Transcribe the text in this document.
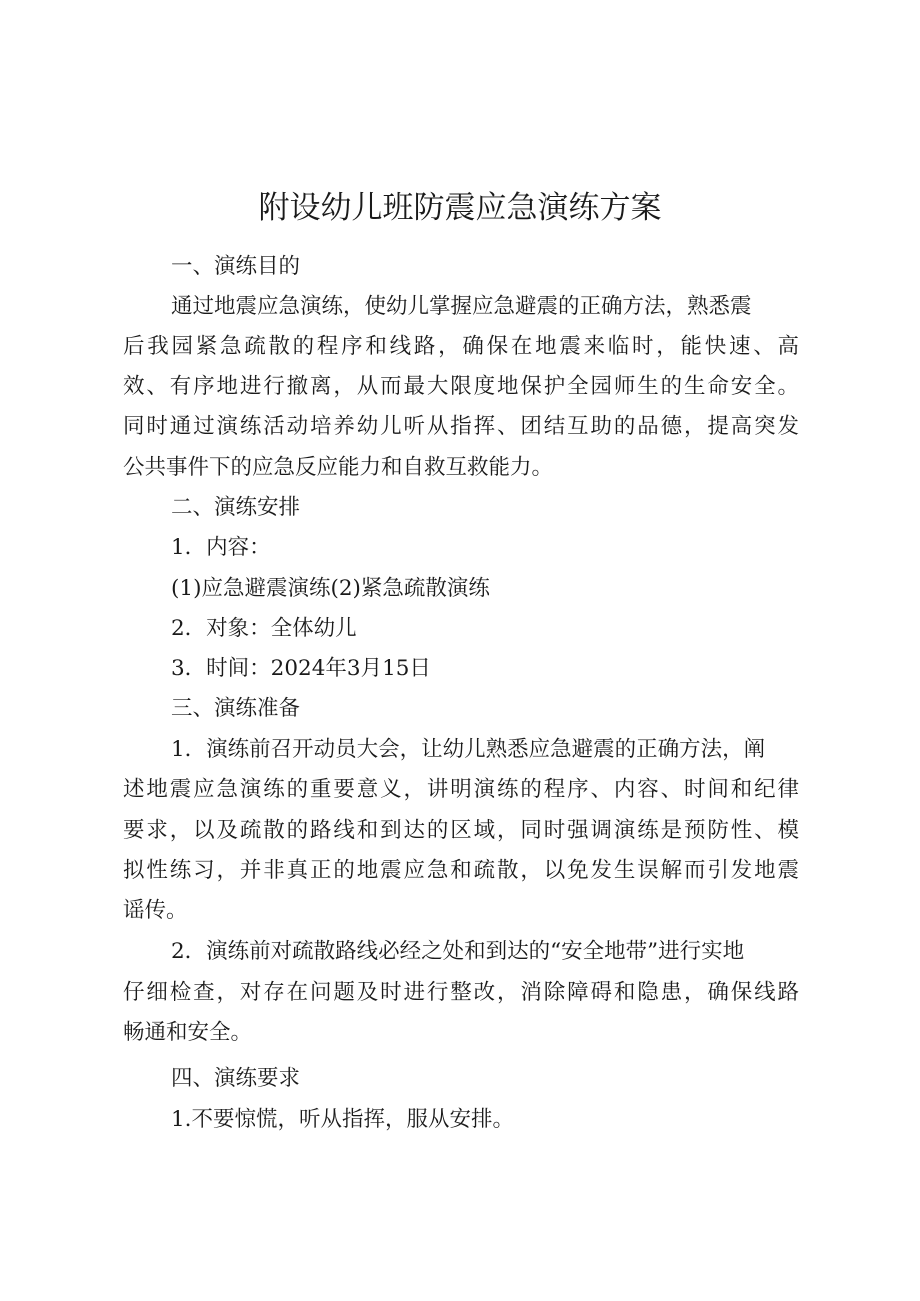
附设幼儿班防震应急演练方案

一、演练目的

通过地震应急演练，使幼儿掌握应急避震的正确方法，熟悉震

后我园紧急疏散的程序和线路，确保在地震来临时，能快速、高

效、有序地进行撤离，从而最大限度地保护全园师生的生命安全。

同时通过演练活动培养幼儿听从指挥、团结互助的品德，提高突发

公共事件下的应急反应能力和自救互救能力。

二、演练安排

1．内容：

(1)应急避震演练(2)紧急疏散演练

2．对象：全体幼儿

3．时间：2024年3月15日

三、演练准备

1．演练前召开动员大会，让幼儿熟悉应急避震的正确方法，阐

述地震应急演练的重要意义，讲明演练的程序、内容、时间和纪律

要求，以及疏散的路线和到达的区域，同时强调演练是预防性、模

拟性练习，并非真正的地震应急和疏散，以免发生误解而引发地震

谣传。

2．演练前对疏散路线必经之处和到达的“安全地带”进行实地

仔细检查，对存在问题及时进行整改，消除障碍和隐患，确保线路

畅通和安全。

四、演练要求

1.不要惊慌，听从指挥，服从安排。
